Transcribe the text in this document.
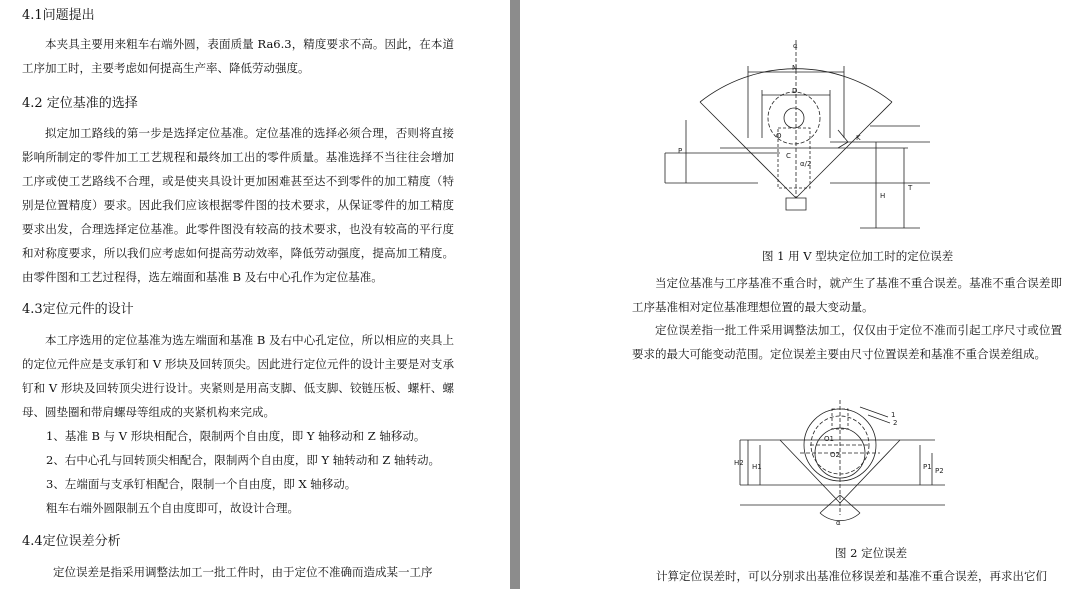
4.1问题提出
本夹具主要用来粗车右端外圆，表面质量 Ra6.3，精度要求不高。因此，在本道工序加工时，主要考虑如何提高生产率、降低劳动强度。
4.2 定位基准的选择
拟定加工路线的第一步是选择定位基准。定位基准的选择必须合理，否则将直接影响所制定的零件加工工艺规程和最终加工出的零件质量。基准选择不当往往会增加工序或使工艺路线不合理，或是使夹具设计更加困难甚至达不到零件的加工精度（特别是位置精度）要求。因此我们应该根据零件图的技术要求，从保证零件的加工精度要求出发，合理选择定位基准。此零件图没有较高的技术要求，也没有较高的平行度和对称度要求，所以我们应考虑如何提高劳动效率，降低劳动强度，提高加工精度。由零件图和工艺过程得，选左端面和基准 B 及右中心孔作为定位基准。
4.3定位元件的设计
本工序选用的定位基准为选左端面和基准 B 及右中心孔定位，所以相应的夹具上的定位元件应是支承钉和 V 形块及回转顶尖。因此进行定位元件的设计主要是对支承钉和 V 形块及回转顶尖进行设计。夹紧则是用高支脚、低支脚、铰链压板、螺杆、螺母、圆垫圈和带肩螺母等组成的夹紧机构来完成。
1、基准 B 与 V 形块相配合，限制两个自由度，即 Y 轴移动和 Z 轴移动。
2、右中心孔与回转顶尖相配合，限制两个自由度，即 Y 轴转动和 Z 轴转动。
3、左端面与支承钉相配合，限制一个自由度，即 X 轴移动。
粗车右端外圆限制五个自由度即可，故设计合理。
4.4定位误差分析
定位误差是指采用调整法加工一批工件时，由于定位不准确而造成某一工序
α
N
D
O
C
K
α/2
P
H
T
图 1 用 V 型块定位加工时的定位误差
当定位基准与工序基准不重合时，就产生了基准不重合误差。基准不重合误差即工序基准相对定位基准理想位置的最大变动量。
定位误差指一批工件采用调整法加工，仅仅由于定位不准而引起工序尺寸或位置要求的最大可能变动范围。定位误差主要由尺寸位置误差和基准不重合误差组成。
1
2
O1
O2
H2 H1	P1 P2
α
图 2 定位误差
计算定位误差时，可以分别求出基准位移误差和基准不重合误差，再求出它们
